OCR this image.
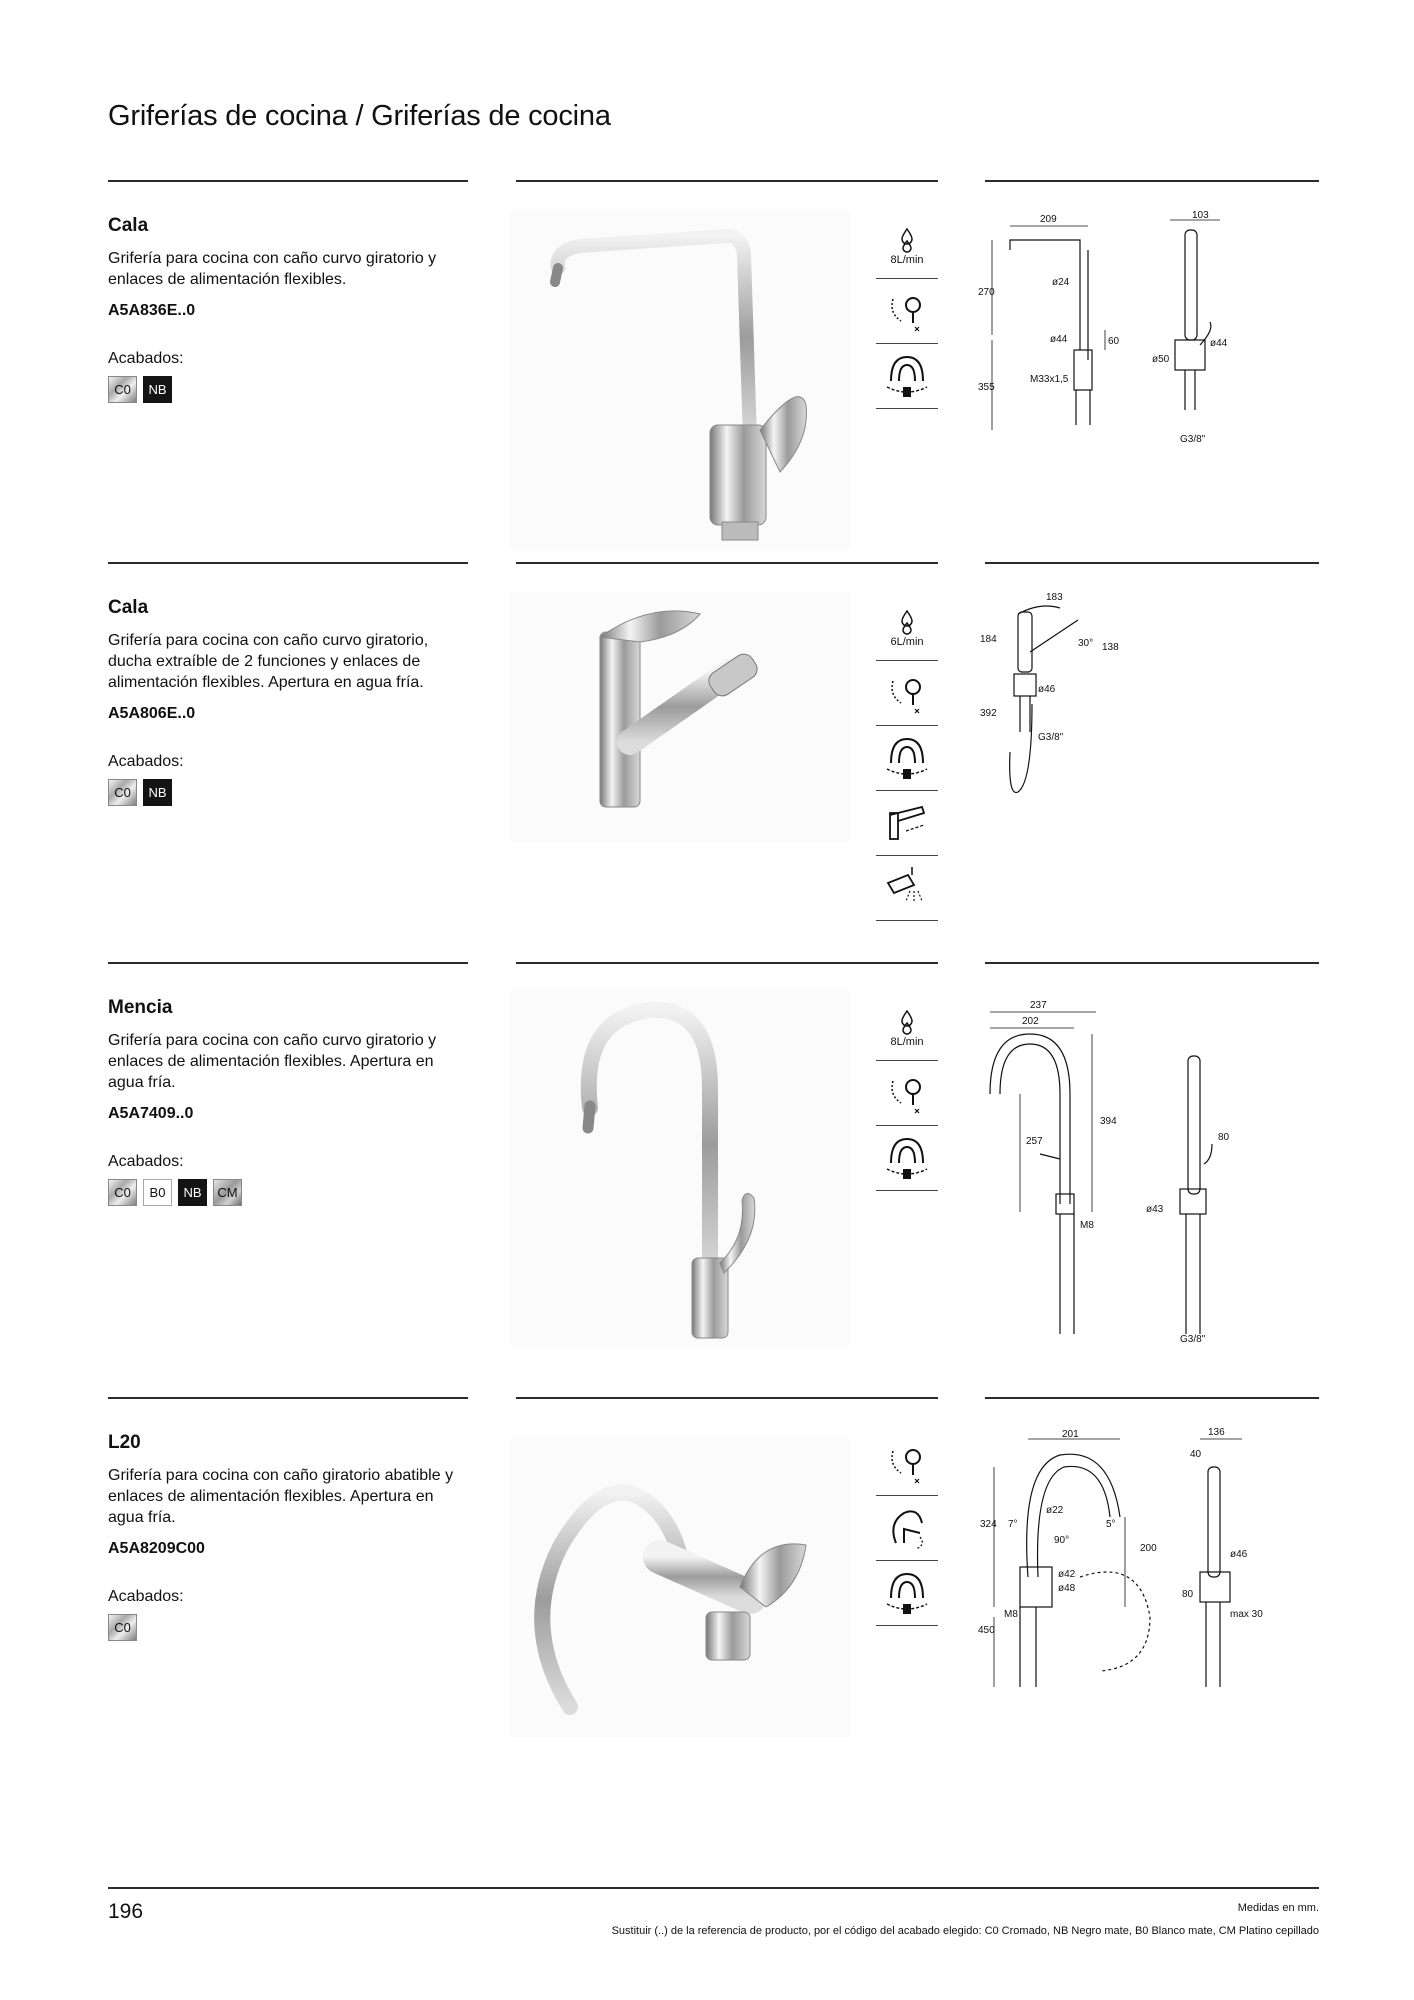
Griferías de cocina / Griferías de cocina

Cala

Grifería para cocina con caño curvo giratorio y enlaces de alimentación flexibles.

A5A836E..0

Acabados:

C0	NB
8L/min
209	103
270
ø24
ø44	60
355
M33x1,5
ø50
ø44
G3/8"

Cala

Grifería para cocina con caño curvo giratorio, ducha extraíble de 2 funciones y enlaces de alimentación flexibles. Apertura en agua fría.

A5A806E..0

Acabados:

C0	NB
6L/min
183
184	30° 138
ø46
392
G3/8"

Mencia

Grifería para cocina con caño curvo giratorio y enlaces de alimentación flexibles. Apertura en agua fría.

A5A7409..0

Acabados:

C0	B0	NB	CM
8L/min
237
202
394
257	80
ø43
M8
G3/8"

L20

Grifería para cocina con caño giratorio abatible y enlaces de alimentación flexibles. Apertura en agua fría.

A5A8209C00

Acabados:

C0
201	136
40
324 7°
ø22
5°
90°
200
ø46
ø42
ø48
80
M8	max 30
450
196	Medidas en mm.
Sustituir (..) de la referencia de producto, por el código del acabado elegido: C0 Cromado, NB Negro mate, B0 Blanco mate, CM Platino cepillado
